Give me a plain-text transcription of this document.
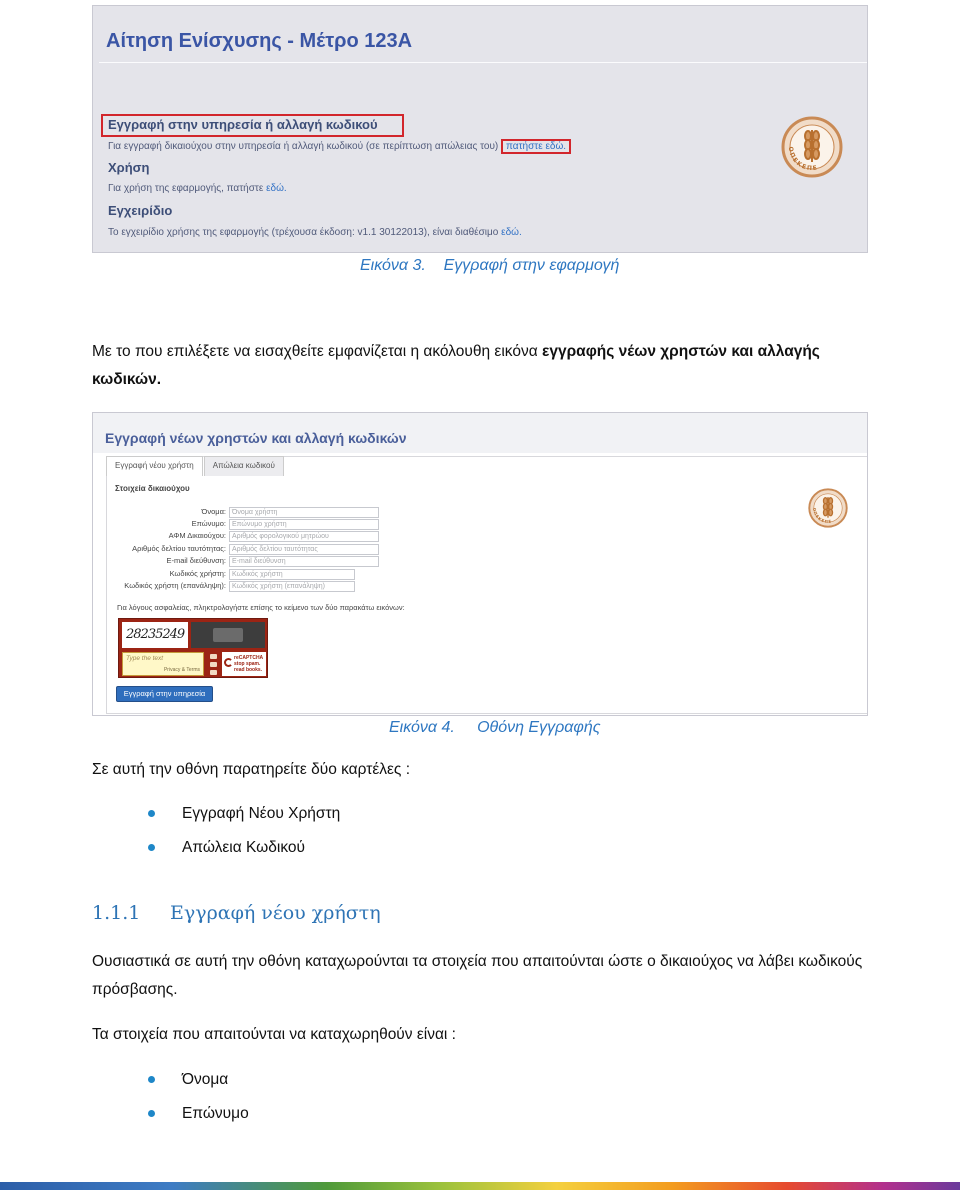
Αίτηση Ενίσχυσης - Μέτρο 123Α
Εγγραφή στην υπηρεσία ή αλλαγή κωδικού
Για εγγραφή δικαιούχου στην υπηρεσία ή αλλαγή κωδικού (σε περίπτωση απώλειας του) πατήστε εδώ.
Χρήση
Για χρήση της εφαρμογής, πατήστε εδώ.
Εγχειρίδιο
Το εγχειρίδιο χρήσης της εφαρμογής (τρέχουσα έκδοση: v1.1 30122013), είναι διαθέσιμο εδώ.
ΟΠΕΚΕΠΕ
Εικόνα 3. Εγγραφή στην εφαρμογή
Με το που επιλέξετε να εισαχθείτε εμφανίζεται η ακόλουθη εικόνα εγγραφής νέων χρηστών και αλλαγής κωδικών.
Εγγραφή νέων χρηστών και αλλαγή κωδικών
Εγγραφή νέου χρήστη	Απώλεια κωδικού
Στοιχεία δικαιούχου
Όνομα: Όνομα χρήστη
Επώνυμο: Επώνυμο χρήστη
ΑΦΜ Δικαιούχου: Αριθμός φορολογικού μητρώου
Αριθμός δελτίου ταυτότητας: Αριθμός δελτίου ταυτότητας
E-mail διεύθυνση: E-mail διεύθυνση
Κωδικός χρήστη: Κωδικός χρήστη
Κωδικός χρήστη (επανάληψη): Κωδικός χρήστη (επανάληψη)
Για λόγους ασφαλείας, πληκτρολογήστε επίσης το κείμενο των δύο παρακάτω εικόνων:
28235249
Type the text
Privacy & Terms
reCAPTCHA stop spam. read books.
Εγγραφή στην υπηρεσία
ΟΠΕΚΕΠΕ
Εικόνα 4. Οθόνη Εγγραφής
Σε αυτή την οθόνη παρατηρείτε δύο καρτέλες :
Εγγραφή Νέου Χρήστη
Απώλεια Κωδικού
1.1.1 Εγγραφή νέου χρήστη
Ουσιαστικά σε αυτή την οθόνη καταχωρούνται τα στοιχεία που απαιτούνται ώστε ο δικαιούχος να λάβει κωδικούς πρόσβασης.
Τα στοιχεία που απαιτούνται να καταχωρηθούν είναι :
Όνομα
Επώνυμο
